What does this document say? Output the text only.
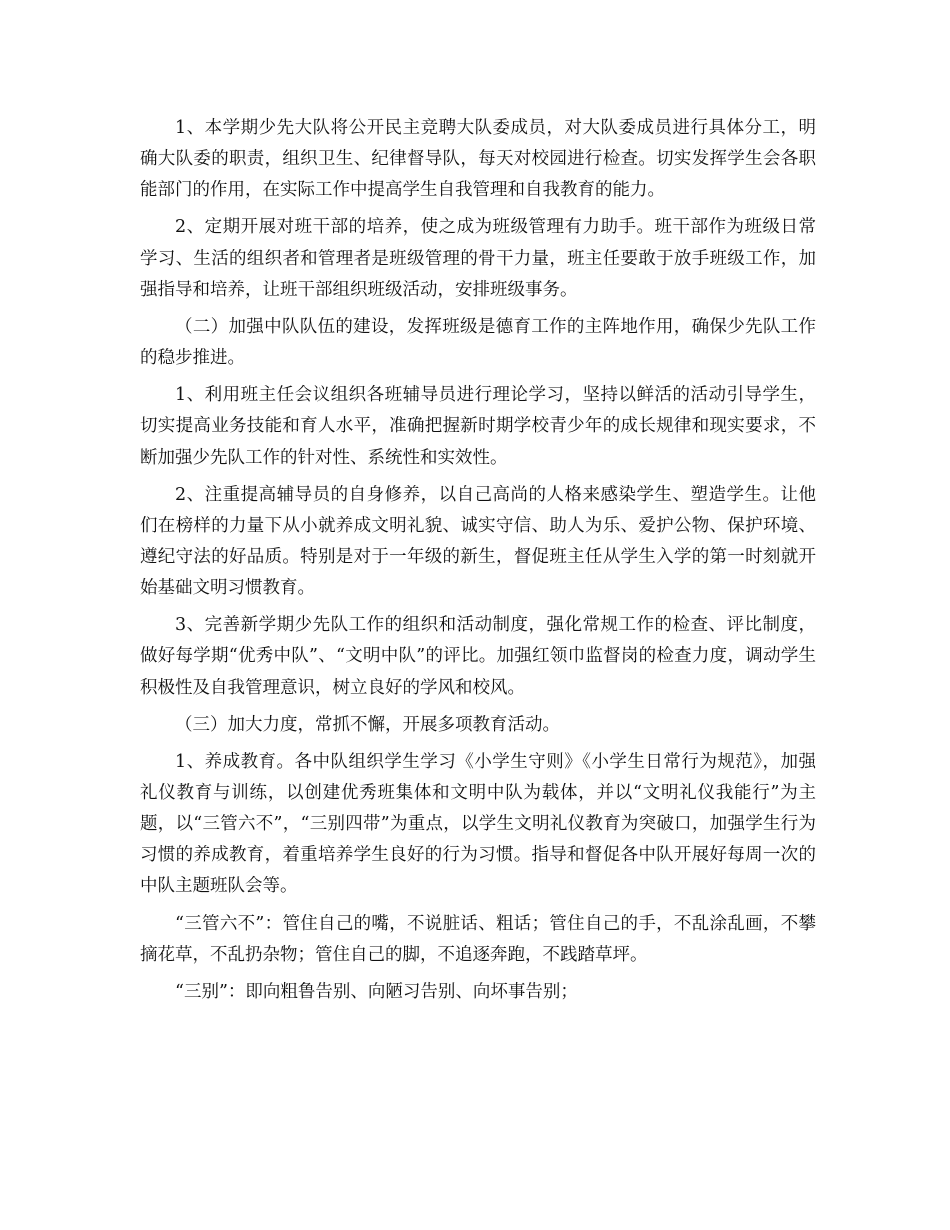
1、本学期少先大队将公开民主竞聘大队委成员，对大队委成员进行具体分工，明确大队委的职责，组织卫生、纪律督导队，每天对校园进行检查。切实发挥学生会各职能部门的作用，在实际工作中提高学生自我管理和自我教育的能力。

2、定期开展对班干部的培养，使之成为班级管理有力助手。班干部作为班级日常学习、生活的组织者和管理者是班级管理的骨干力量，班主任要敢于放手班级工作，加强指导和培养，让班干部组织班级活动，安排班级事务。

（二）加强中队队伍的建设，发挥班级是德育工作的主阵地作用，确保少先队工作的稳步推进。

1、利用班主任会议组织各班辅导员进行理论学习，坚持以鲜活的活动引导学生，切实提高业务技能和育人水平，准确把握新时期学校青少年的成长规律和现实要求，不断加强少先队工作的针对性、系统性和实效性。

2、注重提高辅导员的自身修养，以自己高尚的人格来感染学生、塑造学生。让他们在榜样的力量下从小就养成文明礼貌、诚实守信、助人为乐、爱护公物、保护环境、遵纪守法的好品质。特别是对于一年级的新生，督促班主任从学生入学的第一时刻就开始基础文明习惯教育。

3、完善新学期少先队工作的组织和活动制度，强化常规工作的检查、评比制度，做好每学期“优秀中队”、“文明中队”的评比。加强红领巾监督岗的检查力度，调动学生积极性及自我管理意识，树立良好的学风和校风。

（三）加大力度，常抓不懈，开展多项教育活动。

1、养成教育。各中队组织学生学习《小学生守则》《小学生日常行为规范》，加强礼仪教育与训练，以创建优秀班集体和文明中队为载体，并以“文明礼仪我能行”为主题，以“三管六不”，“三别四带”为重点，以学生文明礼仪教育为突破口，加强学生行为习惯的养成教育，着重培养学生良好的行为习惯。指导和督促各中队开展好每周一次的中队主题班队会等。

“三管六不”：管住自己的嘴，不说脏话、粗话；管住自己的手，不乱涂乱画，不攀摘花草，不乱扔杂物；管住自己的脚，不追逐奔跑，不践踏草坪。

“三别”：即向粗鲁告别、向陋习告别、向坏事告别；
